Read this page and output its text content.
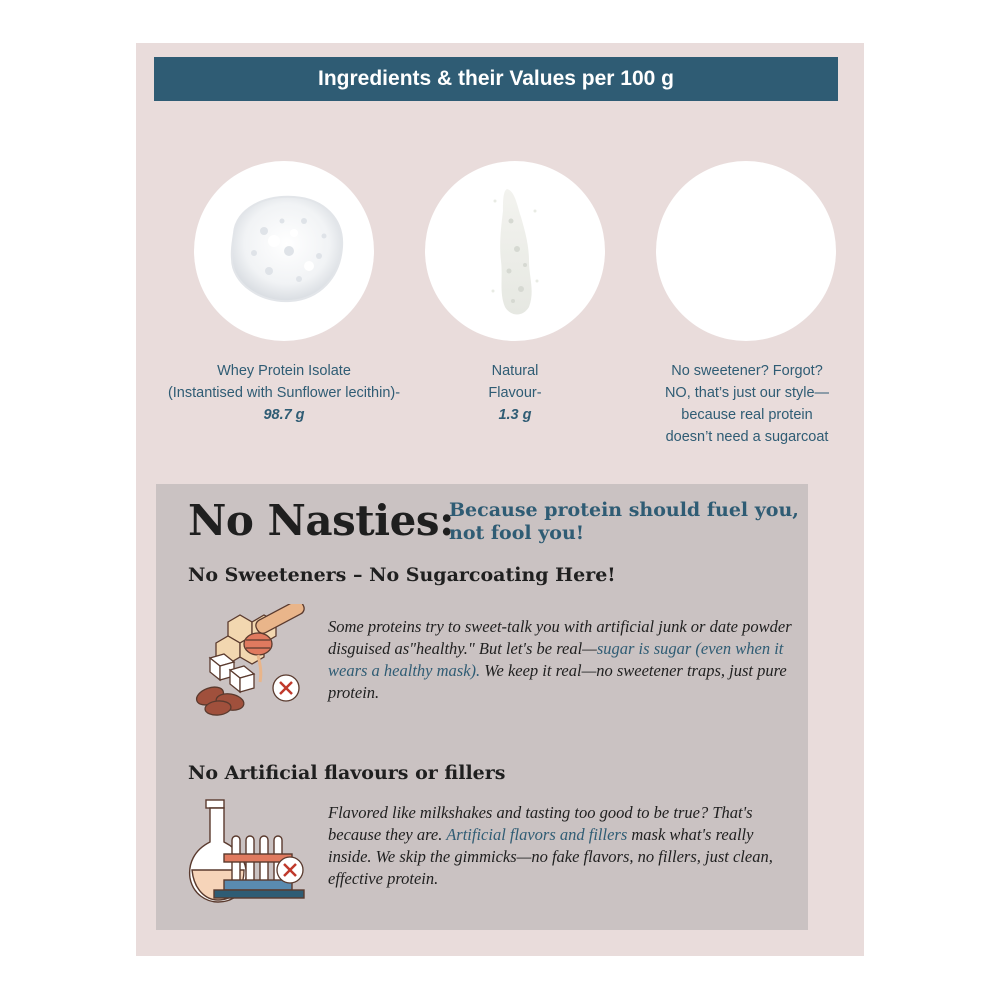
Ingredients & their Values per 100 g
Whey Protein Isolate
(Instantised with Sunflower lecithin)-
98.7 g
Natural
Flavour-
1.3 g
No sweetener? Forgot?
NO, that’s just our style—
because real protein
doesn’t need a sugarcoat
No Nasties:
Because protein should fuel you,
not fool you!
No Sweeteners – No Sugarcoating Here!
Some proteins try to sweet-talk you with artificial junk or date powder disguised as"healthy." But let's be real—sugar is sugar (even when it wears a healthy mask). We keep it real—no sweetener traps, just pure protein.
No Artificial flavours or fillers
Flavored like milkshakes and tasting too good to be true? That's because they are. Artificial flavors and fillers mask what's really inside. We skip the gimmicks—no fake flavors, no fillers, just clean, effective protein.
